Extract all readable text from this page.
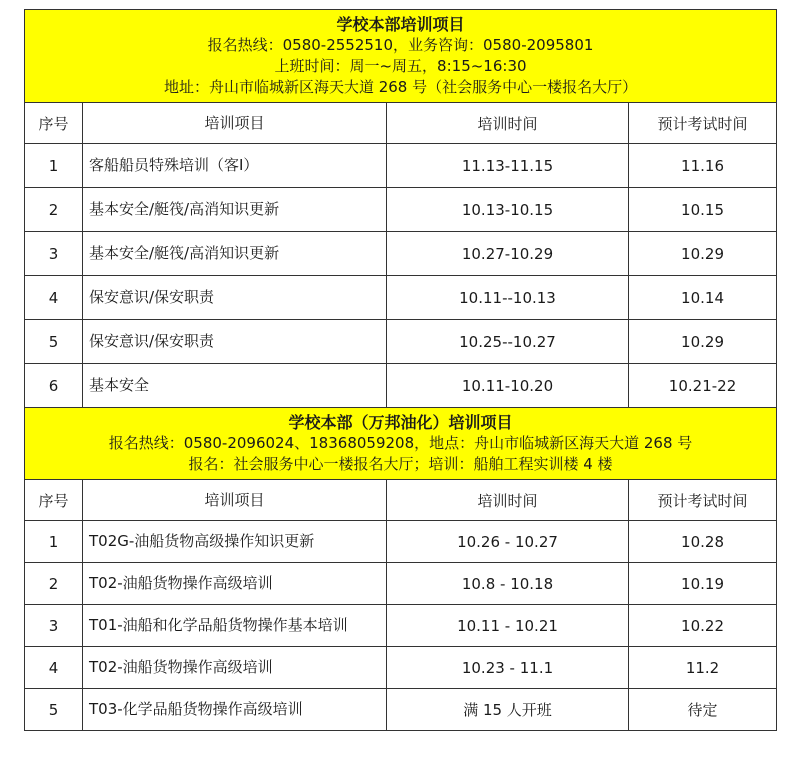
学校本部培训项目
报名热线：0580-2552510，业务咨询：0580-2095801
上班时间：周一~周五，8:15~16:30
地址：舟山市临城新区海天大道 268 号（社会服务中心一楼报名大厅）			

序号	培训项目	培训时间	预计考试时间
1	客船船员特殊培训（客Ⅰ）	11.13-11.15	11.16
2	基本安全/艇筏/高消知识更新	10.13-10.15	10.15
3	基本安全/艇筏/高消知识更新	10.27-10.29	10.29
4	保安意识/保安职责	10.11--10.13	10.14
5	保安意识/保安职责	10.25--10.27	10.29
6	基本安全	10.11-10.20	10.21-22

学校本部（万邦油化）培训项目
报名热线：0580-2096024、18368059208，地点：舟山市临城新区海天大道 268 号
报名：社会服务中心一楼报名大厅；培训：船舶工程实训楼 4 楼			

序号	培训项目	培训时间	预计考试时间
1	T02G-油船货物高级操作知识更新	10.26 - 10.27	10.28
2	T02-油船货物操作高级培训	10.8 - 10.18	10.19
3	T01-油船和化学品船货物操作基本培训	10.11 - 10.21	10.22
4	T02-油船货物操作高级培训	10.23 - 11.1	11.2
5	T03-化学品船货物操作高级培训	满 15 人开班	待定
